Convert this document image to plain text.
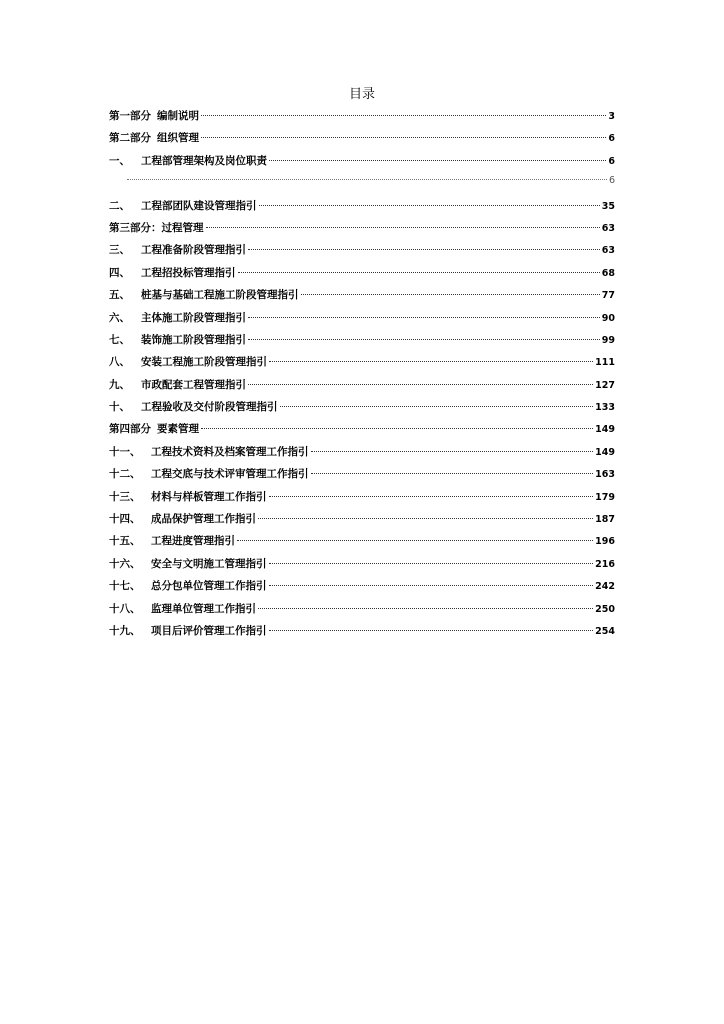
目录
第一部分 编制说明	3
第二部分 组织管理	6
一、	工程部管理架构及岗位职责	6
6
二、	工程部团队建设管理指引	35
第三部分： 过程管理	63
三、	工程准备阶段管理指引	63
四、	工程招投标管理指引	68
五、	桩基与基础工程施工阶段管理指引	77
六、	主体施工阶段管理指引	90
七、	装饰施工阶段管理指引	99
八、	安装工程施工阶段管理指引	111
九、	市政配套工程管理指引	127
十、	工程验收及交付阶段管理指引	133
第四部分 要素管理	149
十一、	工程技术资料及档案管理工作指引	149
十二、	工程交底与技术评审管理工作指引	163
十三、	材料与样板管理工作指引	179
十四、	成品保护管理工作指引	187
十五、	工程进度管理指引	196
十六、	安全与文明施工管理指引	216
十七、	总分包单位管理工作指引	242
十八、	监理单位管理工作指引	250
十九、	项目后评价管理工作指引	254
